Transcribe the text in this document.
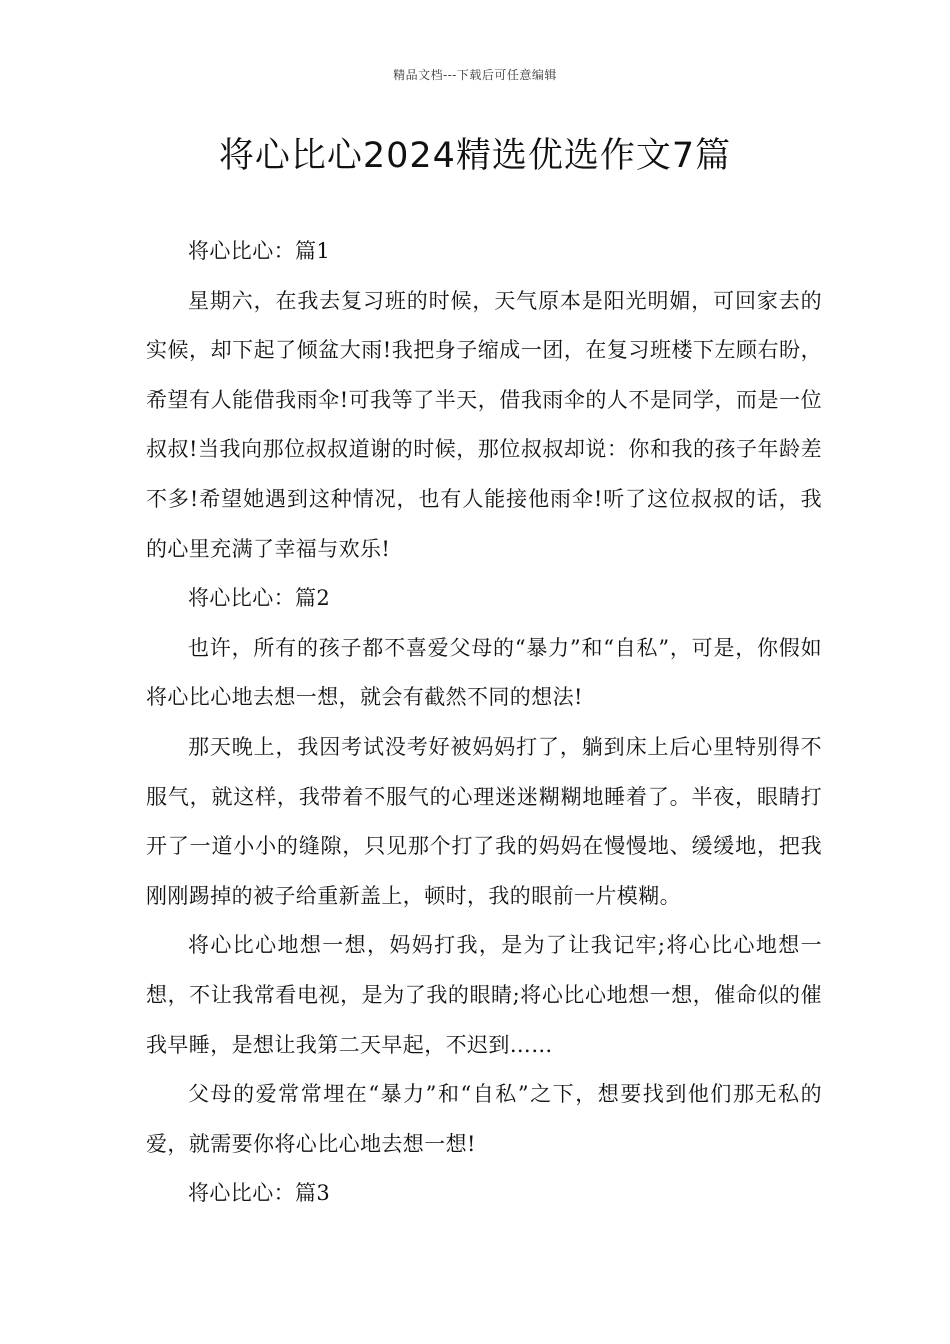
精品文档---下载后可任意编辑
将心比心2024精选优选作文7篇

将心比心：篇1

星期六，在我去复习班的时候，天气原本是阳光明媚，可回家去的实候，却下起了倾盆大雨!我把身子缩成一团，在复习班楼下左顾右盼，希望有人能借我雨伞!可我等了半天，借我雨伞的人不是同学，而是一位叔叔!当我向那位叔叔道谢的时候，那位叔叔却说：你和我的孩子年龄差不多!希望她遇到这种情况，也有人能接他雨伞!听了这位叔叔的话，我的心里充满了幸福与欢乐!

将心比心：篇2

也许，所有的孩子都不喜爱父母的“暴力”和“自私”，可是，你假如将心比心地去想一想，就会有截然不同的想法!

那天晚上，我因考试没考好被妈妈打了，躺到床上后心里特别得不服气，就这样，我带着不服气的心理迷迷糊糊地睡着了。半夜，眼睛打开了一道小小的缝隙，只见那个打了我的妈妈在慢慢地、缓缓地，把我刚刚踢掉的被子给重新盖上，顿时，我的眼前一片模糊。

将心比心地想一想，妈妈打我，是为了让我记牢;将心比心地想一想，不让我常看电视，是为了我的眼睛;将心比心地想一想，催命似的催我早睡，是想让我第二天早起，不迟到……

父母的爱常常埋在“暴力”和“自私”之下，想要找到他们那无私的爱，就需要你将心比心地去想一想!

将心比心：篇3
